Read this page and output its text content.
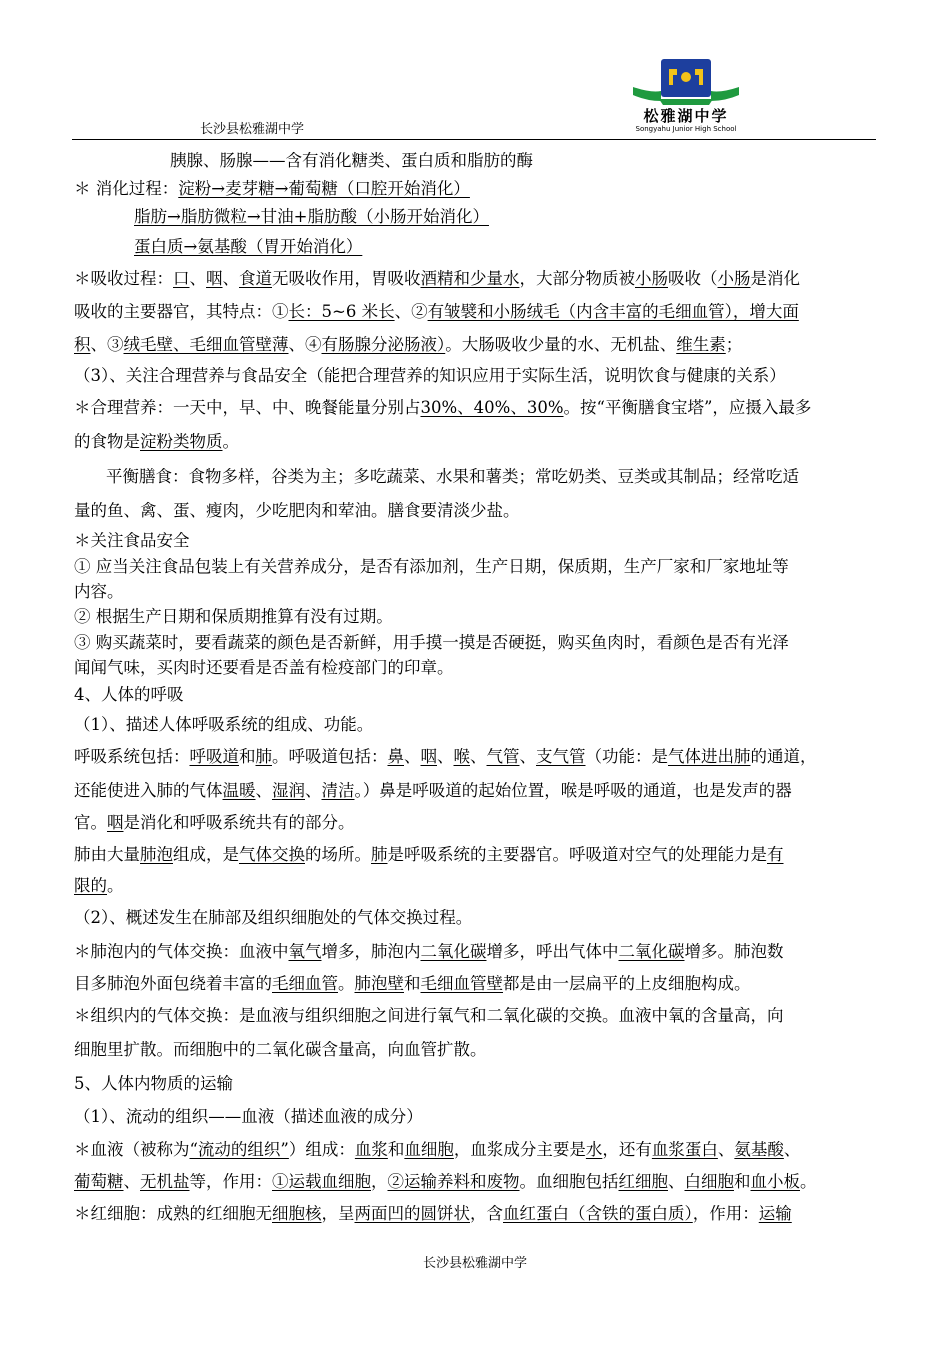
长沙县松雅湖中学
松雅湖中学
Songyahu Junior High School
胰腺、肠腺——含有消化糖类、蛋白质和脂肪的酶
＊ 消化过程：淀粉→麦芽糖→葡萄糖（口腔开始消化）
脂肪→脂肪微粒→甘油+脂肪酸（小肠开始消化）
蛋白质→氨基酸（胃开始消化）
＊吸收过程：口、咽、食道无吸收作用，胃吸收酒精和少量水，大部分物质被小肠吸收（小肠是消化
吸收的主要器官，其特点：①长：5~6 米长、②有皱襞和小肠绒毛（内含丰富的毛细血管），增大面
积、③绒毛壁、毛细血管壁薄、④有肠腺分泌肠液）。大肠吸收少量的水、无机盐、维生素；
（3）、关注合理营养与食品安全（能把合理营养的知识应用于实际生活，说明饮食与健康的关系）
＊合理营养：一天中，早、中、晚餐能量分别占30%、40%、30%。按“平衡膳食宝塔”，应摄入最多
的食物是淀粉类物质。
平衡膳食：食物多样，谷类为主；多吃蔬菜、水果和薯类；常吃奶类、豆类或其制品；经常吃适
量的鱼、禽、蛋、瘦肉，少吃肥肉和荤油。膳食要清淡少盐。
＊关注食品安全
① 应当关注食品包装上有关营养成分，是否有添加剂，生产日期，保质期，生产厂家和厂家地址等
内容。
② 根据生产日期和保质期推算有没有过期。
③ 购买蔬菜时，要看蔬菜的颜色是否新鲜，用手摸一摸是否硬挺，购买鱼肉时，看颜色是否有光泽
闻闻气味，买肉时还要看是否盖有检疫部门的印章。
4、人体的呼吸
（1）、描述人体呼吸系统的组成、功能。
呼吸系统包括：呼吸道和肺。呼吸道包括：鼻、咽、喉、气管、支气管（功能：是气体进出肺的通道，
还能使进入肺的气体温暖、湿润、清洁。）鼻是呼吸道的起始位置，喉是呼吸的通道，也是发声的器
官。咽是消化和呼吸系统共有的部分。
肺由大量肺泡组成，是气体交换的场所。肺是呼吸系统的主要器官。呼吸道对空气的处理能力是有
限的。
（2）、概述发生在肺部及组织细胞处的气体交换过程。
＊肺泡内的气体交换：血液中氧气增多，肺泡内二氧化碳增多，呼出气体中二氧化碳增多。肺泡数
目多肺泡外面包绕着丰富的毛细血管。肺泡壁和毛细血管壁都是由一层扁平的上皮细胞构成。
＊组织内的气体交换：是血液与组织细胞之间进行氧气和二氧化碳的交换。血液中氧的含量高，向
细胞里扩散。而细胞中的二氧化碳含量高，向血管扩散。
5、人体内物质的运输
（1）、流动的组织——血液（描述血液的成分）
＊血液（被称为“流动的组织”）组成：血浆和血细胞，血浆成分主要是水，还有血浆蛋白、氨基酸、
葡萄糖、无机盐等，作用：①运载血细胞，②运输养料和废物。血细胞包括红细胞、白细胞和血小板。
＊红细胞：成熟的红细胞无细胞核，呈两面凹的圆饼状，含血红蛋白（含铁的蛋白质），作用：运输
长沙县松雅湖中学
